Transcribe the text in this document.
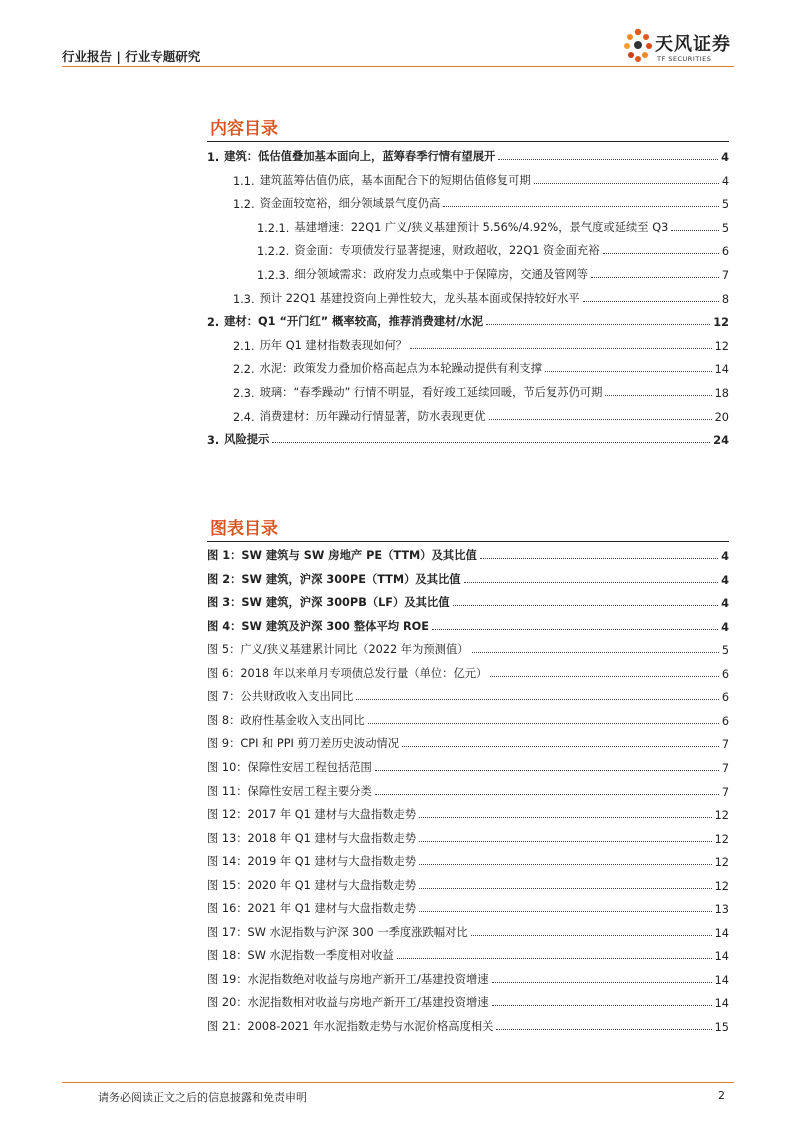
行业报告 | 行业专题研究
天风证券
TF SECURITIES
内容目录
1. 建筑：低估值叠加基本面向上，蓝筹春季行情有望展开	4
1.1. 建筑蓝筹估值仍底，基本面配合下的短期估值修复可期	4
1.2. 资金面较宽裕，细分领域景气度仍高	5
1.2.1. 基建增速：22Q1 广义/狭义基建预计 5.56%/4.92%，景气度或延续至 Q3	5
1.2.2. 资金面：专项债发行显著提速，财政超收，22Q1 资金面充裕	6
1.2.3. 细分领域需求：政府发力点或集中于保障房，交通及管网等	7
1.3. 预计 22Q1 基建投资向上弹性较大，龙头基本面或保持较好水平	8
2. 建材：Q1 “开门红” 概率较高，推荐消费建材/水泥	12
2.1. 历年 Q1 建材指数表现如何？	12
2.2. 水泥：政策发力叠加价格高起点为本轮躁动提供有利支撑	14
2.3. 玻璃：“春季躁动” 行情不明显，看好竣工延续回暖，节后复苏仍可期	18
2.4. 消费建材：历年躁动行情显著，防水表现更优	20
3. 风险提示	24
图表目录
图 1：SW 建筑与 SW 房地产 PE（TTM）及其比值	4
图 2：SW 建筑，沪深 300PE（TTM）及其比值	4
图 3：SW 建筑，沪深 300PB（LF）及其比值	4
图 4：SW 建筑及沪深 300 整体平均 ROE	4
图 5：广义/狭义基建累计同比（2022 年为预测值）	5
图 6：2018 年以来单月专项债总发行量（单位：亿元）	6
图 7：公共财政收入支出同比	6
图 8：政府性基金收入支出同比	6
图 9：CPI 和 PPI 剪刀差历史波动情况	7
图 10：保障性安居工程包括范围	7
图 11：保障性安居工程主要分类	7
图 12：2017 年 Q1 建材与大盘指数走势	12
图 13：2018 年 Q1 建材与大盘指数走势	12
图 14：2019 年 Q1 建材与大盘指数走势	12
图 15：2020 年 Q1 建材与大盘指数走势	12
图 16：2021 年 Q1 建材与大盘指数走势	13
图 17：SW 水泥指数与沪深 300 一季度涨跌幅对比	14
图 18：SW 水泥指数一季度相对收益	14
图 19：水泥指数绝对收益与房地产新开工/基建投资增速	14
图 20：水泥指数相对收益与房地产新开工/基建投资增速	14
图 21：2008-2021 年水泥指数走势与水泥价格高度相关	15
请务必阅读正文之后的信息披露和免责申明	2
